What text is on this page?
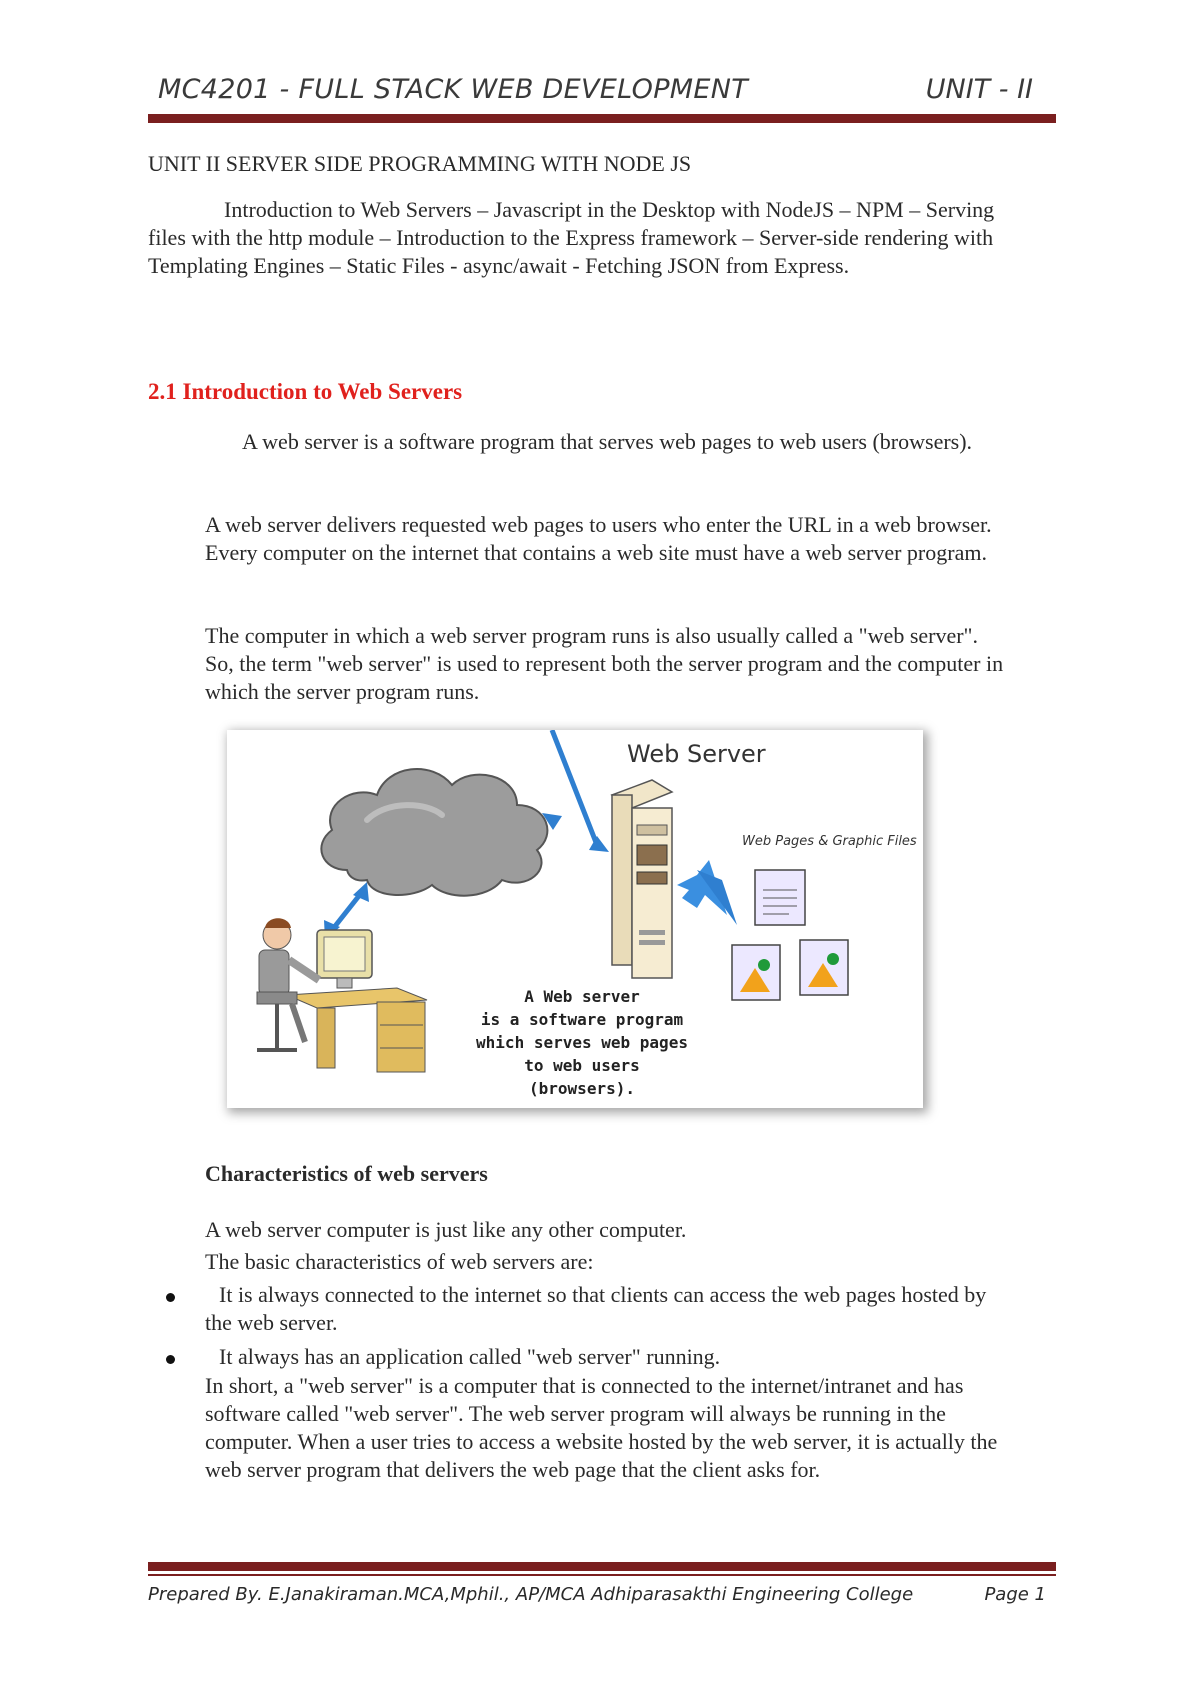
MC4201 - FULL STACK WEB DEVELOPMENT	UNIT - II
UNIT II SERVER SIDE PROGRAMMING WITH NODE JS
Introduction to Web Servers – Javascript in the Desktop with NodeJS – NPM – Serving files with the http module – Introduction to the Express framework – Server-side rendering with Templating Engines – Static Files - async/await - Fetching JSON from Express.
2.1 Introduction to Web Servers
A web server is a software program that serves web pages to web users (browsers).
A web server delivers requested web pages to users who enter the URL in a web browser. Every computer on the internet that contains a web site must have a web server program.
The computer in which a web server program runs is also usually called a "web server". So, the term "web server" is used to represent both the server program and the computer in which the server program runs.
Web Server
Web Pages & Graphic Files
A Web server
is a software program
which serves web pages
to web users (browsers).
Characteristics of web servers
A web server computer is just like any other computer.
The basic characteristics of web servers are:
It is always connected to the internet so that clients can access the web pages hosted by the web server.
It always has an application called "web server" running.
In short, a "web server" is a computer that is connected to the internet/intranet and has software called "web server". The web server program will always be running in the computer. When a user tries to access a website hosted by the web server, it is actually the web server program that delivers the web page that the client asks for.
Prepared By. E.Janakiraman.MCA,Mphil., AP/MCA Adhiparasakthi Engineering College	Page 1
